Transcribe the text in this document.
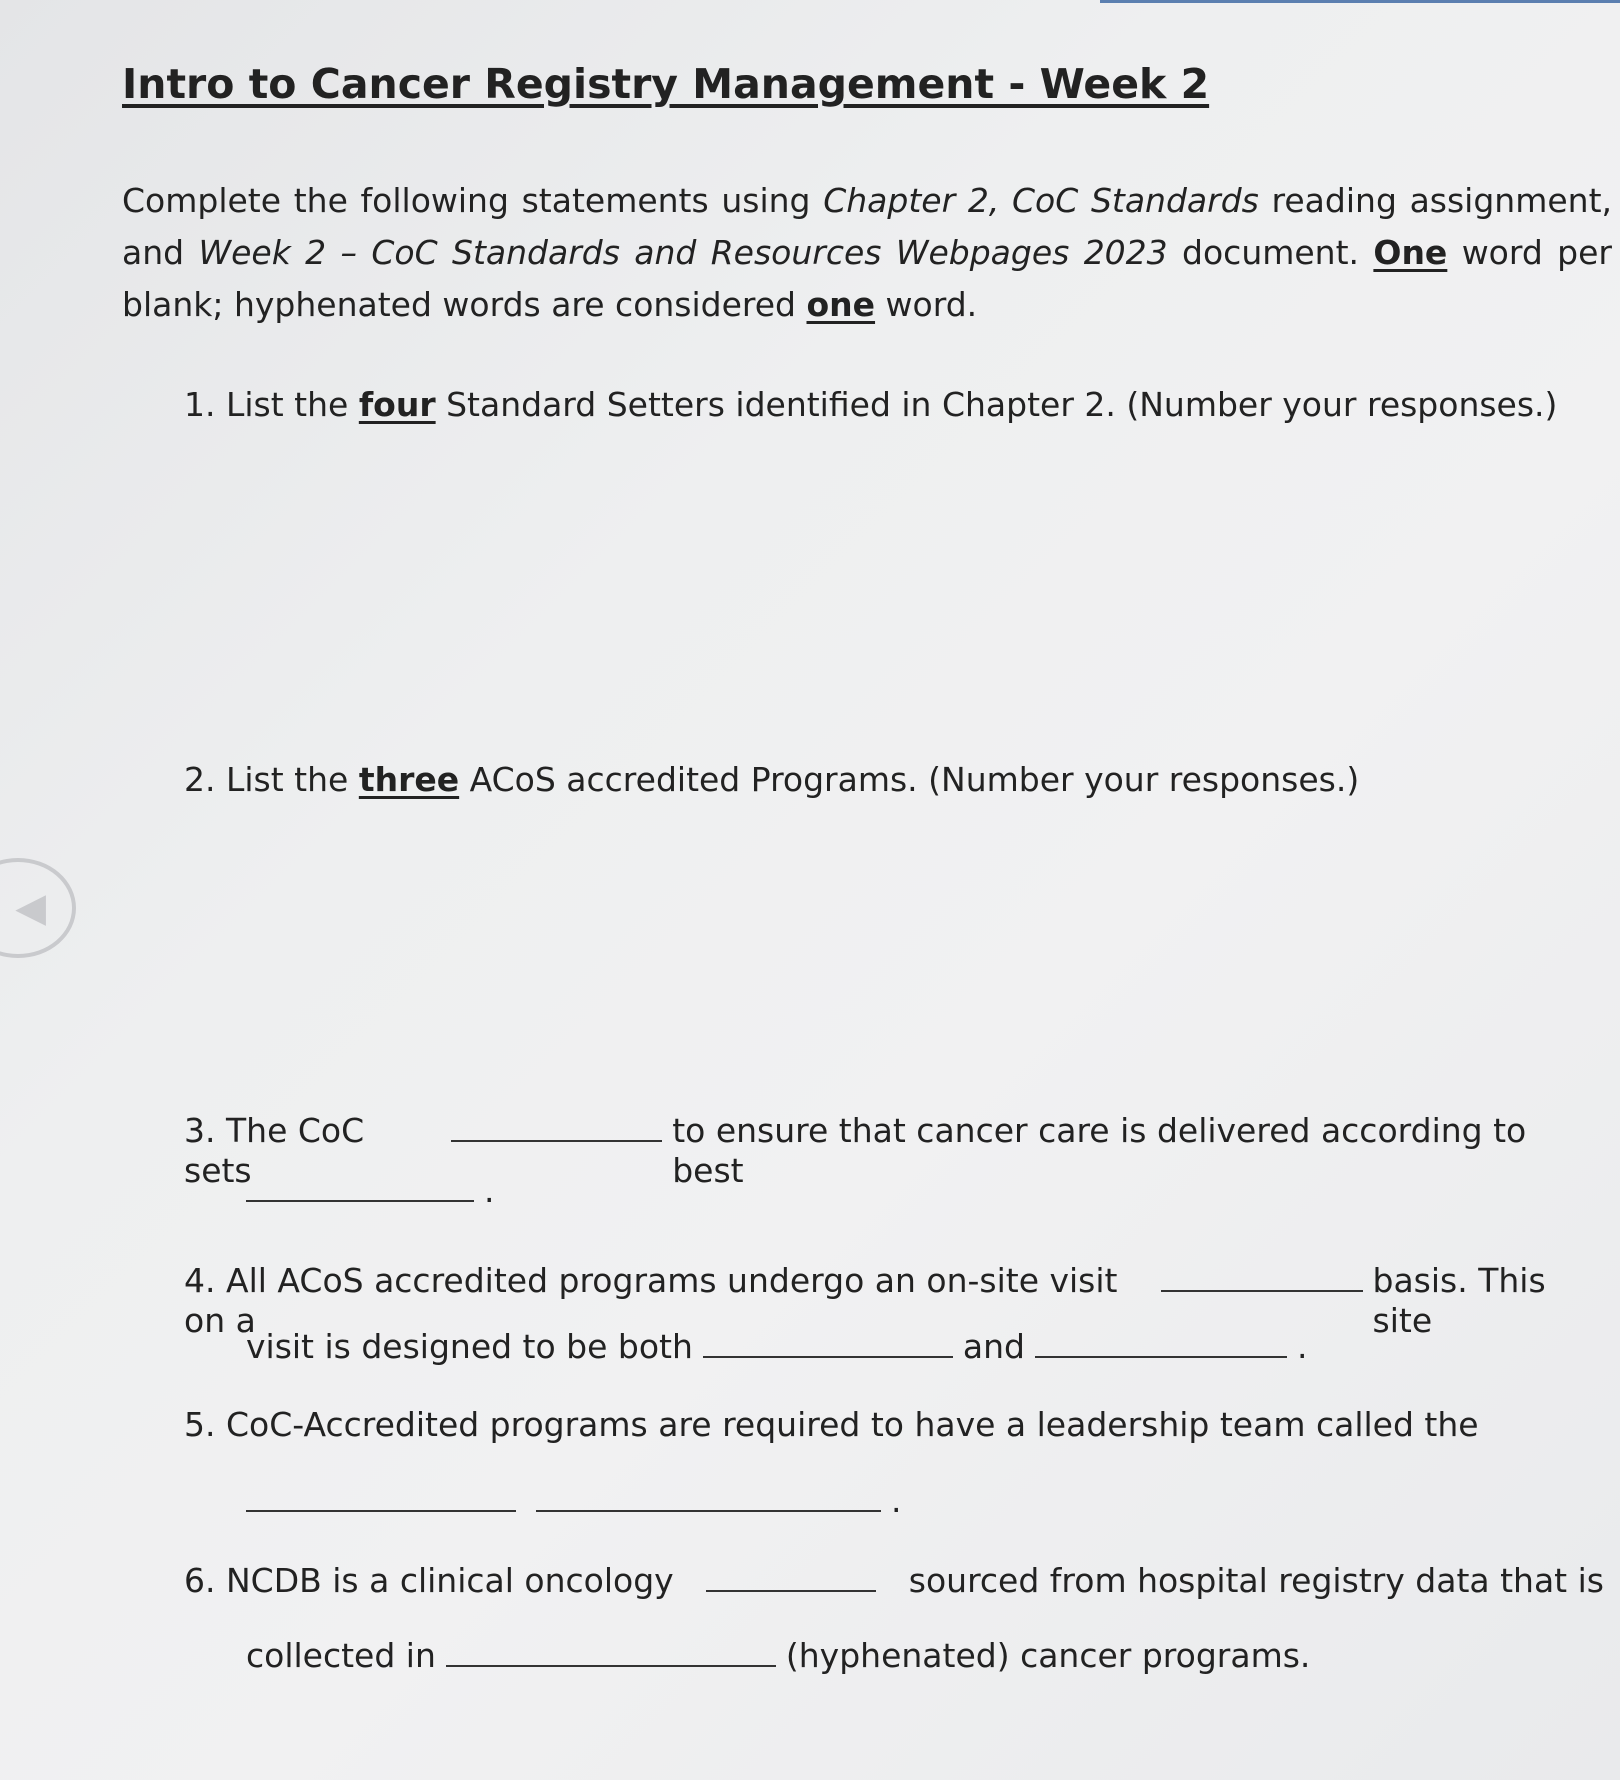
◀
Intro to Cancer Registry Management - Week 2
Complete the following statements using Chapter 2, CoC Standards reading assignment, and Week 2 – CoC Standards and Resources Webpages 2023 document. One word per blank; hyphenated words are considered one word.
1. List the four Standard Setters identified in Chapter 2. (Number your responses.)
2. List the three ACoS accredited Programs. (Number your responses.)
3. The CoC sets
to ensure that cancer care is delivered according to best
.
4. All ACoS accredited programs undergo an on-site visit on a
basis. This site
visit is designed to be both	and	.
5. CoC-Accredited programs are required to have a leadership team called the
.
6. NCDB is a clinical oncology	sourced from hospital registry data that is
collected in	(hyphenated) cancer programs.
